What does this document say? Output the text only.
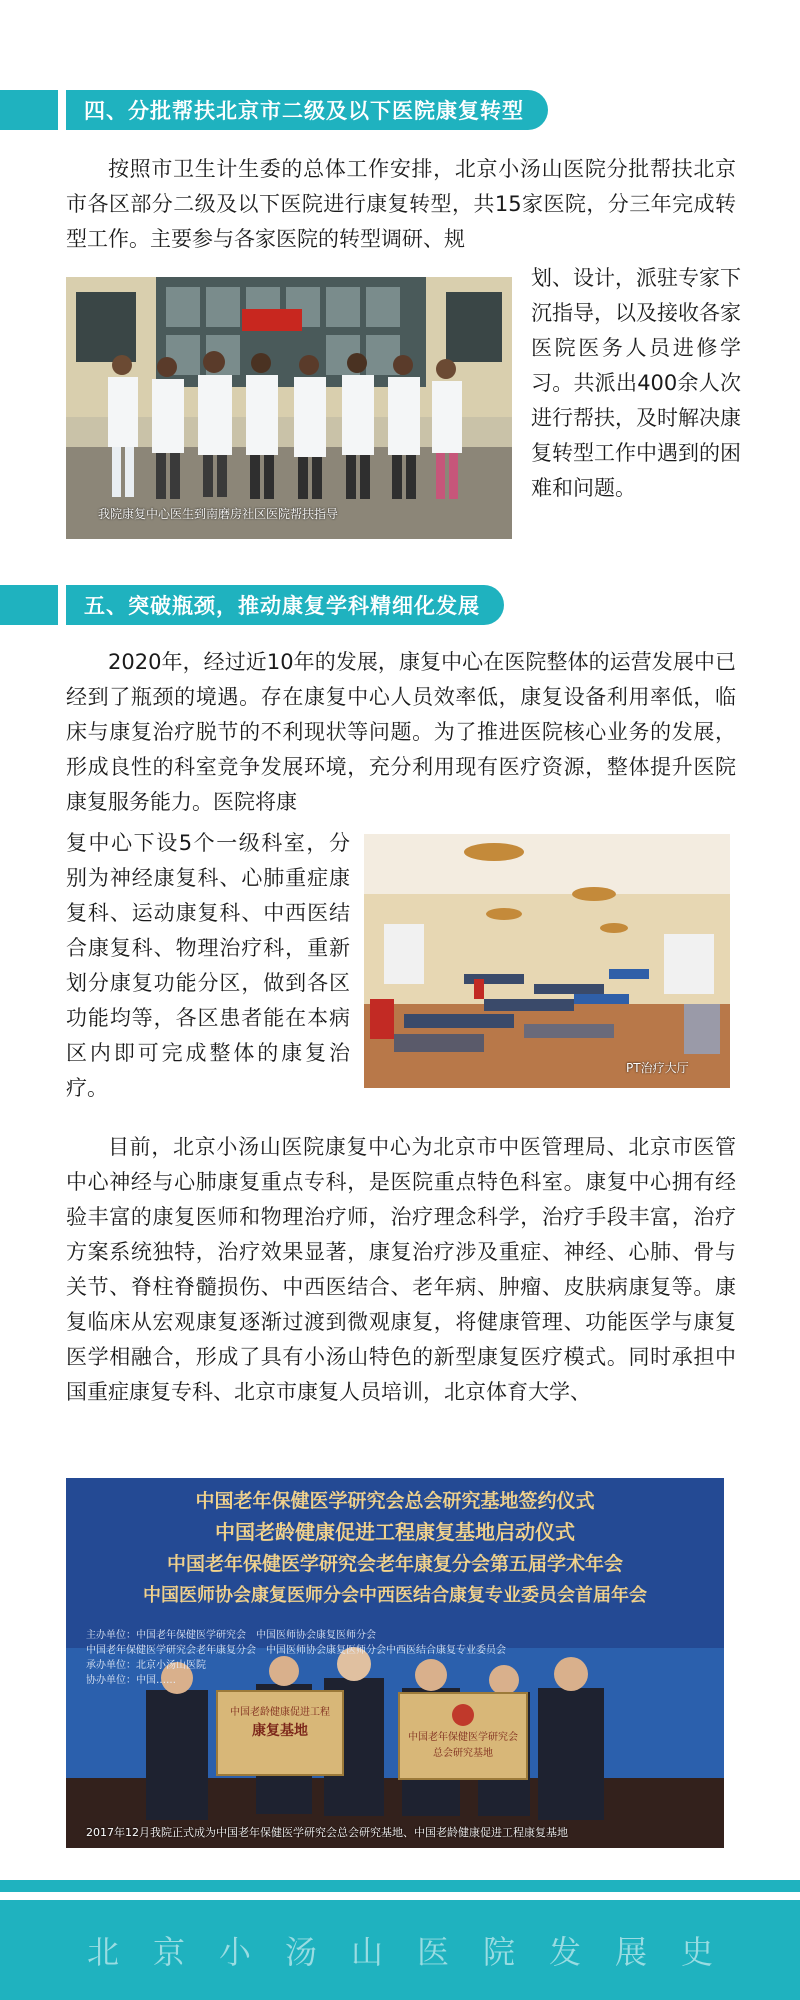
四、分批帮扶北京市二级及以下医院康复转型

按照市卫生计生委的总体工作安排，北京小汤山医院分批帮扶北京市各区部分二级及以下医院进行康复转型，共15家医院，分三年完成转型工作。主要参与各家医院的转型调研、规

我院康复中心医生到南磨房社区医院帮扶指导

划、设计，派驻专家下沉指导，以及接收各家医院医务人员进修学习。共派出400余人次进行帮扶，及时解决康复转型工作中遇到的困难和问题。

五、突破瓶颈，推动康复学科精细化发展

2020年，经过近10年的发展，康复中心在医院整体的运营发展中已经到了瓶颈的境遇。存在康复中心人员效率低，康复设备利用率低，临床与康复治疗脱节的不利现状等问题。为了推进医院核心业务的发展，形成良性的科室竞争发展环境，充分利用现有医疗资源，整体提升医院康复服务能力。医院将康

复中心下设5个一级科室，分别为神经康复科、心肺重症康复科、运动康复科、中西医结合康复科、物理治疗科，重新划分康复功能分区，做到各区功能均等，各区患者能在本病区内即可完成整体的康复治疗。

PT治疗大厅

目前，北京小汤山医院康复中心为北京市中医管理局、北京市医管中心神经与心肺康复重点专科，是医院重点特色科室。康复中心拥有经验丰富的康复医师和物理治疗师，治疗理念科学，治疗手段丰富，治疗方案系统独特，治疗效果显著，康复治疗涉及重症、神经、心肺、骨与关节、脊柱脊髓损伤、中西医结合、老年病、肿瘤、皮肤病康复等。康复临床从宏观康复逐渐过渡到微观康复，将健康管理、功能医学与康复医学相融合，形成了具有小汤山特色的新型康复医疗模式。同时承担中国重症康复专科、北京市康复人员培训，北京体育大学、

中国老年保健医学研究会总会研究基地签约仪式
中国老龄健康促进工程康复基地启动仪式
中国老年保健医学研究会老年康复分会第五届学术年会
中国医师协会康复医师分会中西医结合康复专业委员会首届年会
主办单位：中国老年保健医学研究会　中国医师协会康复医师分会
中国老年保健医学研究会老年康复分会　中国医师协会康复医师分会中西医结合康复专业委员会
承办单位：北京小汤山医院
协办单位：中国……
中国老龄健康促进工程
康复基地	中国老年保健医学研究会
总会研究基地
2017年12月我院正式成为中国老年保健医学研究会总会研究基地、中国老龄健康促进工程康复基地
北京小汤山医院发展史
